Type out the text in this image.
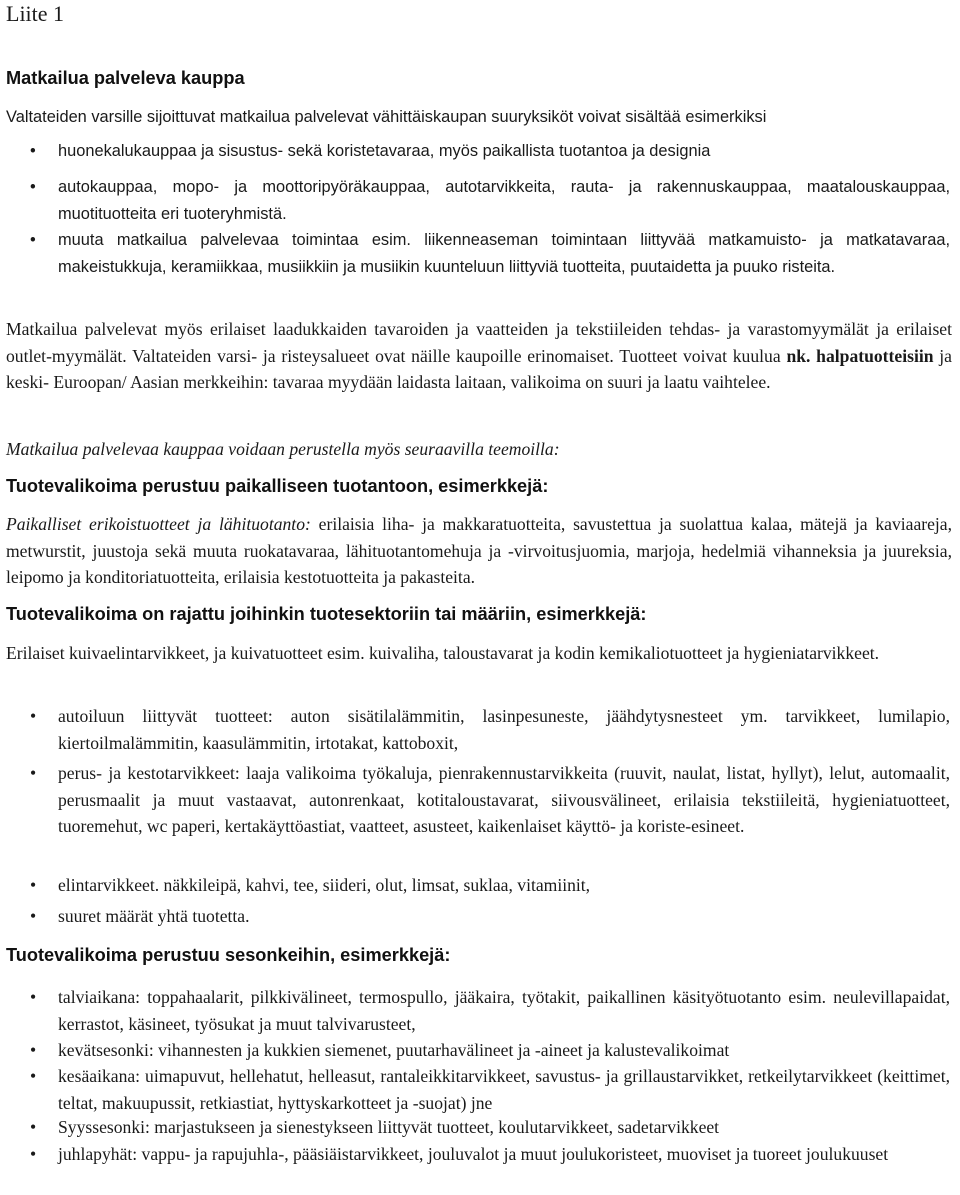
Liite 1
Matkailua palveleva kauppa
Valtateiden varsille sijoittuvat matkailua palvelevat vähittäiskaupan suuryksiköt voivat sisältää esimerkiksi
• huonekalukauppaa ja sisustus- sekä koristetavaraa, myös paikallista tuotantoa ja designia
• autokauppaa, mopo- ja moottoripyöräkauppaa, autotarvikkeita, rauta- ja rakennuskauppaa, maatalouskauppaa, muotituotteita eri tuoteryhmistä.
• muuta matkailua palvelevaa toimintaa esim. liikenneaseman toimintaan liittyvää matkamuisto- ja matkatavaraa, makeistukkuja, keramiikkaa, musiikkiin ja musiikin kuunteluun liittyviä tuotteita, puutaidetta ja puuko risteita.
Matkailua palvelevat myös erilaiset laadukkaiden tavaroiden ja vaatteiden ja tekstiileiden tehdas- ja varastomyymälät ja erilaiset outlet-myymälät. Valtateiden varsi- ja risteysalueet ovat näille kaupoille erinomaiset. Tuotteet voivat kuulua nk. halpatuotteisiin ja keski- Euroopan/ Aasian merkkeihin: tavaraa myydään laidasta laitaan, valikoima on suuri ja laatu vaihtelee.
Matkailua palvelevaa kauppaa voidaan perustella myös seuraavilla teemoilla:
Tuotevalikoima perustuu paikalliseen tuotantoon, esimerkkejä:
Paikalliset erikoistuotteet ja lähituotanto: erilaisia liha- ja makkaratuotteita, savustettua ja suolattua kalaa, mätejä ja kaviaareja, metwurstit, juustoja sekä muuta ruokatavaraa, lähituotantomehuja ja -virvoitusjuomia, marjoja, hedelmiä vihanneksia ja juureksia, leipomo ja konditoriatuotteita, erilaisia kestotuotteita ja pakasteita.
Tuotevalikoima on rajattu joihinkin tuotesektoriin tai määriin, esimerkkejä:
Erilaiset kuivaelintarvikkeet, ja kuivatuotteet esim. kuivaliha, taloustavarat ja kodin kemikaliotuotteet ja hygieniatarvikkeet.
• autoiluun liittyvät tuotteet: auton sisätilalämmitin, lasinpesuneste, jäähdytysnesteet ym. tarvikkeet, lumilapio, kiertoilmalämmitin, kaasulämmitin, irtotakat, kattoboxit,
• perus- ja kestotarvikkeet: laaja valikoima työkaluja, pienrakennustarvikkeita (ruuvit, naulat, listat, hyllyt), lelut, automaalit, perusmaalit ja muut vastaavat, autonrenkaat, kotitaloustavarat, siivousvälineet, erilaisia tekstiileitä, hygieniatuotteet, tuoremehut, wc paperi, kertakäyttöastiat, vaatteet, asusteet, kaikenlaiset käyttö- ja koriste-esineet.
• elintarvikkeet. näkkileipä, kahvi, tee, siideri, olut, limsat, suklaa, vitamiinit,
• suuret määrät yhtä tuotetta.
Tuotevalikoima perustuu sesonkeihin, esimerkkejä:
• talviaikana: toppahaalarit, pilkkivälineet, termospullo, jääkaira, työtakit, paikallinen käsityötuotanto esim. neulevillapaidat, kerrastot, käsineet, työsukat ja muut talvivarusteet,
• kevätsesonki: vihannesten ja kukkien siemenet, puutarhavälineet ja -aineet ja kalustevalikoimat
• kesäaikana: uimapuvut, hellehatut, helleasut, rantaleikkitarvikkeet, savustus- ja grillaustarvikket, retkeilytarvikkeet (keittimet, teltat, makuupussit, retkiastiat, hyttyskarkotteet ja -suojat) jne
• Syyssesonki: marjastukseen ja sienestykseen liittyvät tuotteet, koulutarvikkeet, sadetarvikkeet
• juhlapyhät: vappu- ja rapujuhla-, pääsiäistarvikkeet, jouluvalot ja muut joulukoristeet, muoviset ja tuoreet joulukuuset
